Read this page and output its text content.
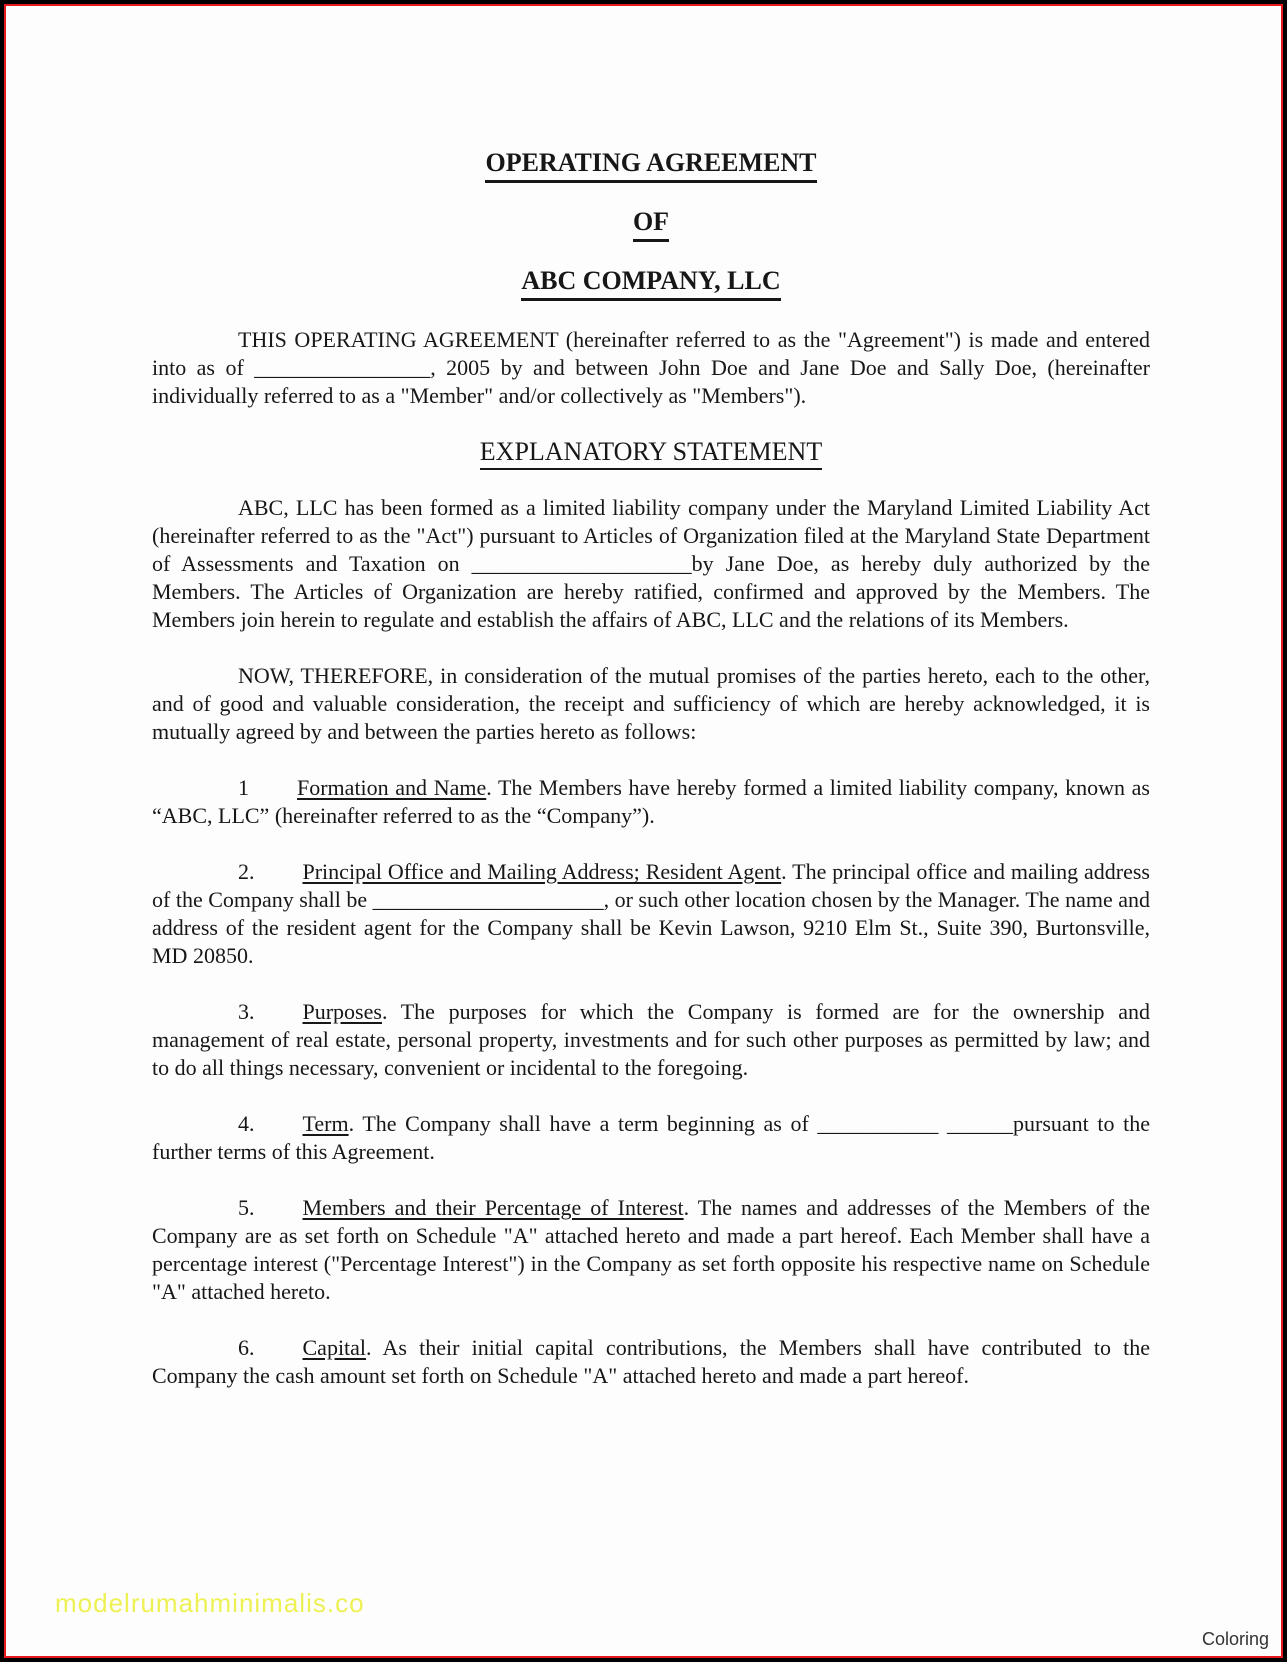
OPERATING AGREEMENT

OF

ABC COMPANY, LLC

THIS OPERATING AGREEMENT (hereinafter referred to as the "Agreement") is made and entered into as of ________________, 2005 by and between John Doe and Jane Doe and Sally Doe, (hereinafter individually referred to as a "Member" and/or collectively as "Members").

EXPLANATORY STATEMENT

ABC, LLC has been formed as a limited liability company under the Maryland Limited Liability Act (hereinafter referred to as the "Act") pursuant to Articles of Organization filed at the Maryland State Department of Assessments and Taxation on ____________________by Jane Doe, as hereby duly authorized by the Members. The Articles of Organization are hereby ratified, confirmed and approved by the Members. The Members join herein to regulate and establish the affairs of ABC, LLC and the relations of its Members.

NOW, THEREFORE, in consideration of the mutual promises of the parties hereto, each to the other, and of good and valuable consideration, the receipt and sufficiency of which are hereby acknowledged, it is mutually agreed by and between the parties hereto as follows:

1 Formation and Name. The Members have hereby formed a limited liability company, known as “ABC, LLC” (hereinafter referred to as the “Company”).

2. Principal Office and Mailing Address; Resident Agent. The principal office and mailing address of the Company shall be _____________________, or such other location chosen by the Manager. The name and address of the resident agent for the Company shall be Kevin Lawson, 9210 Elm St., Suite 390, Burtonsville, MD 20850.

3. Purposes. The purposes for which the Company is formed are for the ownership and management of real estate, personal property, investments and for such other purposes as permitted by law; and to do all things necessary, convenient or incidental to the foregoing.

4. Term. The Company shall have a term beginning as of ___________ ______pursuant to the further terms of this Agreement.

5. Members and their Percentage of Interest. The names and addresses of the Members of the Company are as set forth on Schedule "A" attached hereto and made a part hereof. Each Member shall have a percentage interest ("Percentage Interest") in the Company as set forth opposite his respective name on Schedule "A" attached hereto.

6. Capital. As their initial capital contributions, the Members shall have contributed to the Company the cash amount set forth on Schedule "A" attached hereto and made a part hereof.

modelrumahminimalis.co
Coloring
